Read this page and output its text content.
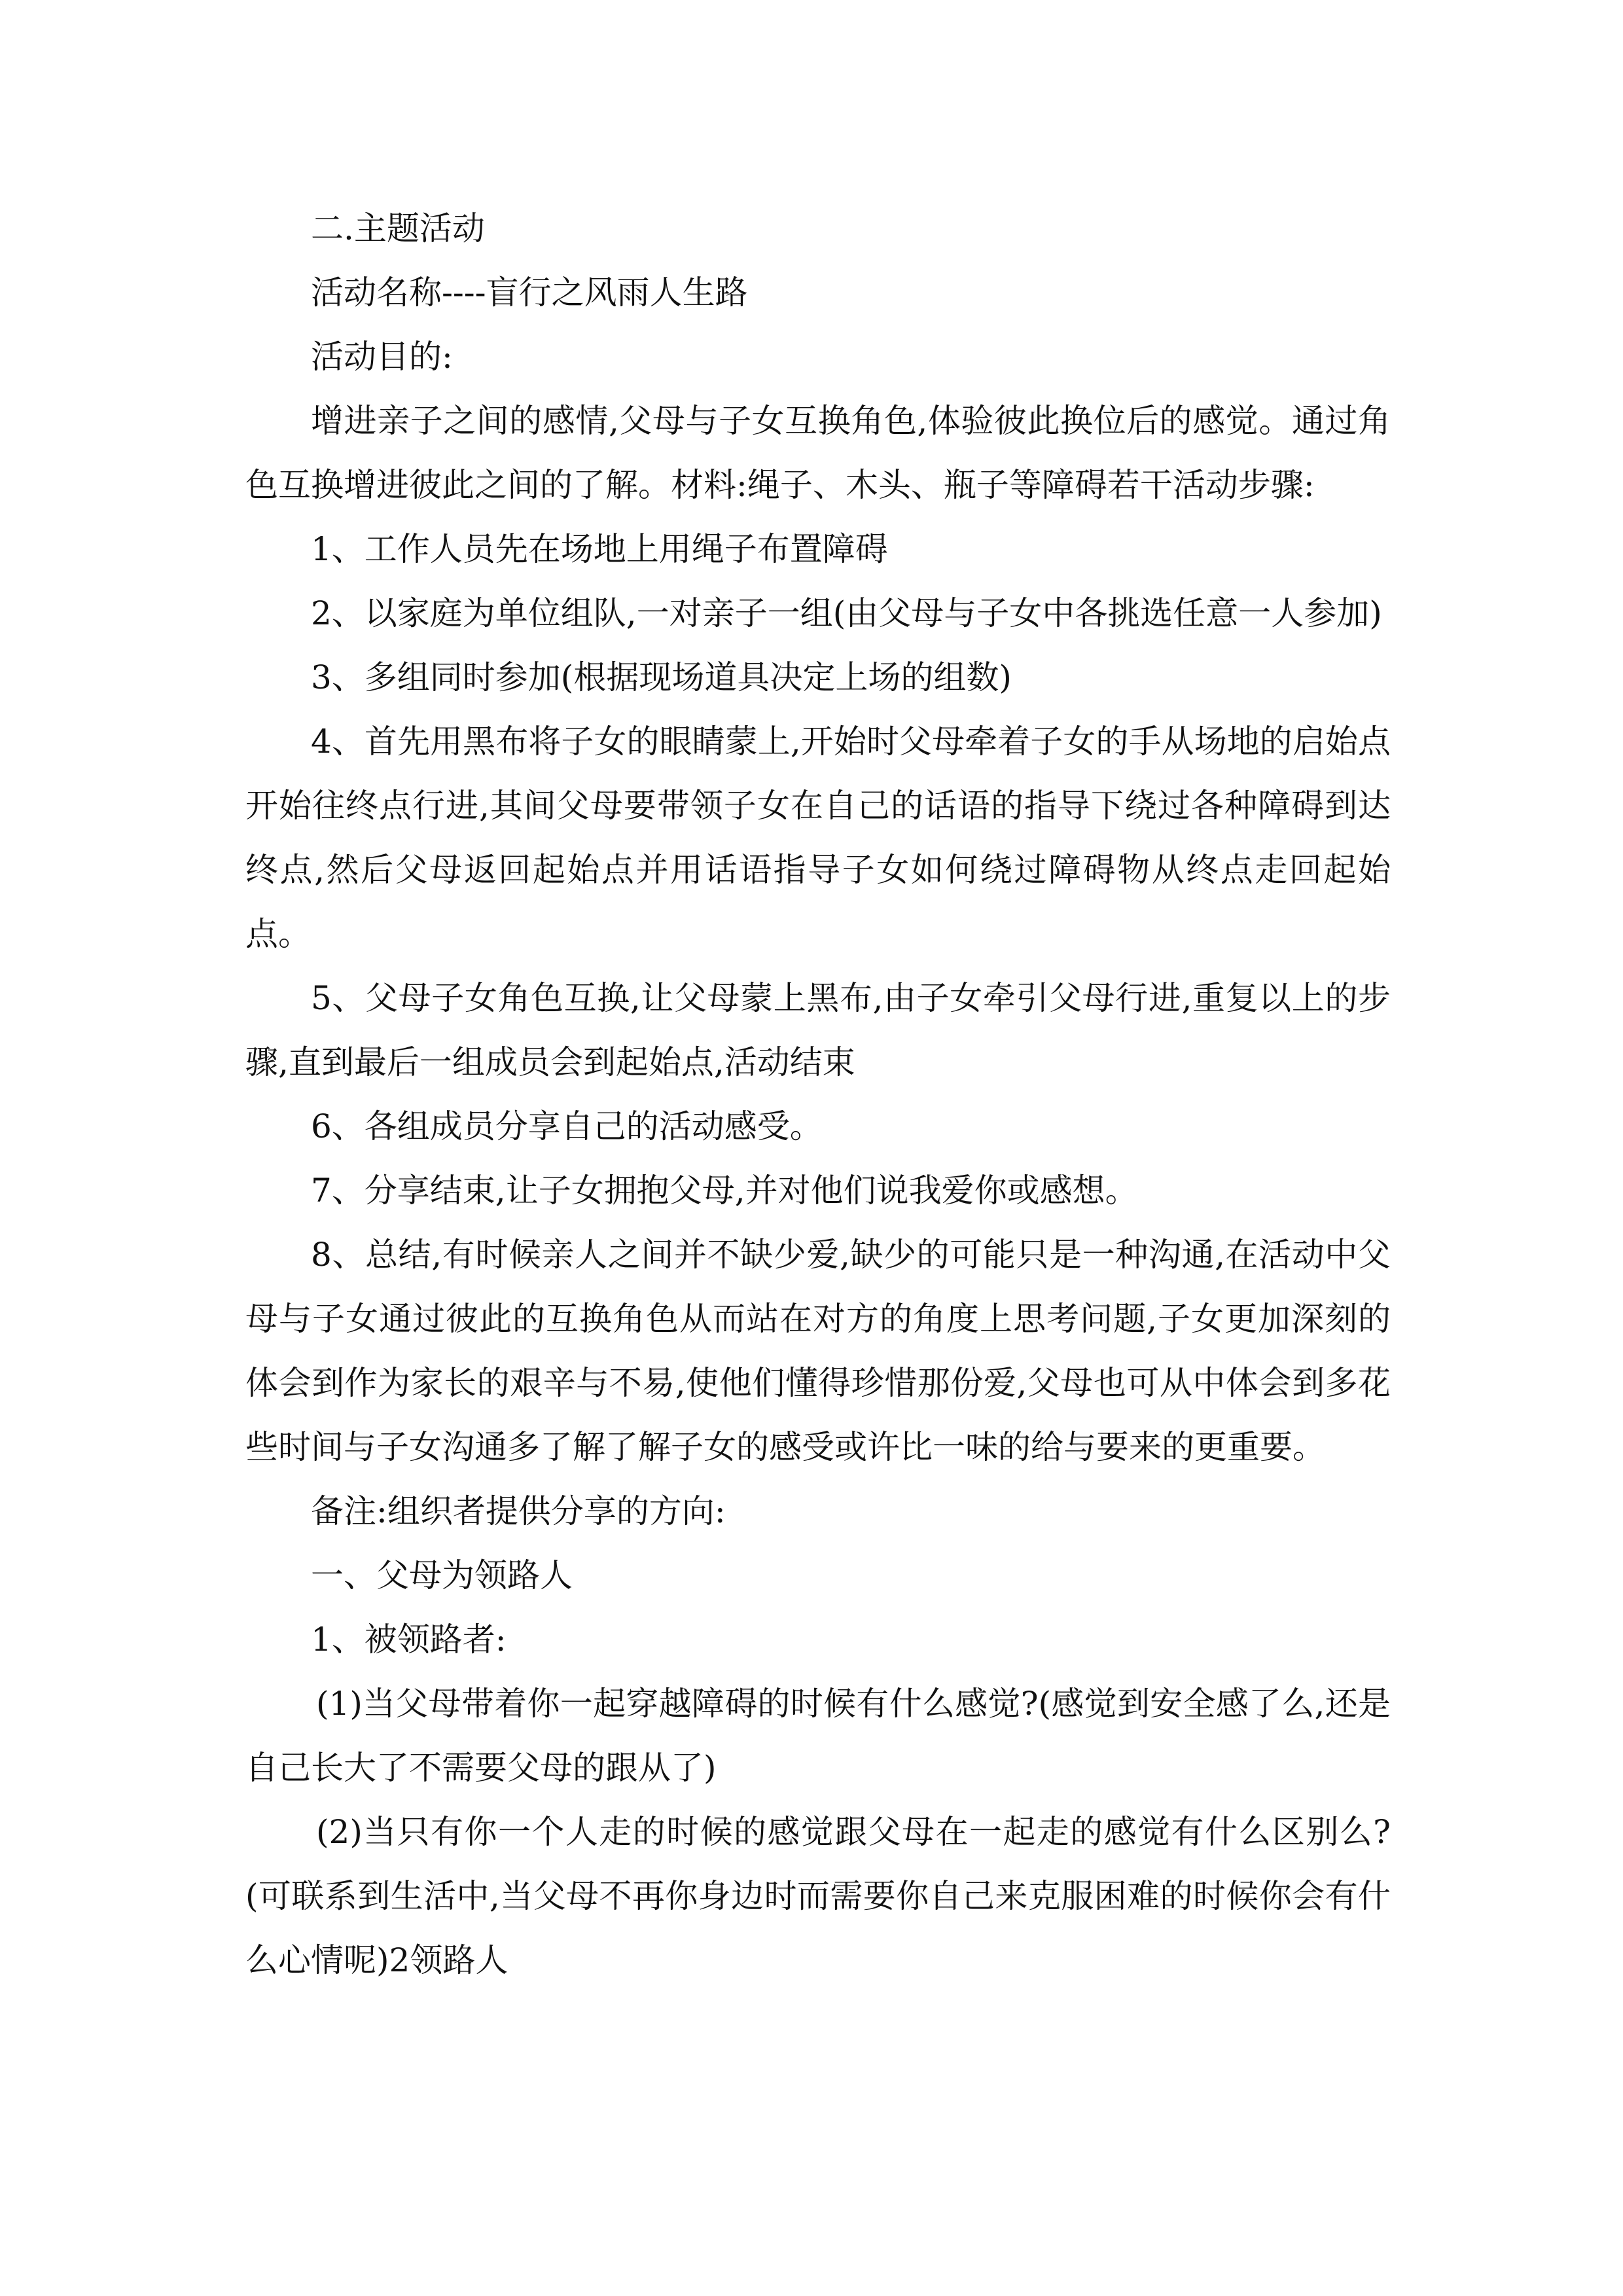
二.主题活动

活动名称----盲行之风雨人生路

活动目的:

增进亲子之间的感情,父母与子女互换角色,体验彼此换位后的感觉。通过角色互换增进彼此之间的了解。材料:绳子、木头、瓶子等障碍若干活动步骤:

1、工作人员先在场地上用绳子布置障碍

2、以家庭为单位组队,一对亲子一组(由父母与子女中各挑选任意一人参加)

3、多组同时参加(根据现场道具决定上场的组数)

4、首先用黑布将子女的眼睛蒙上,开始时父母牵着子女的手从场地的启始点开始往终点行进,其间父母要带领子女在自己的话语的指导下绕过各种障碍到达终点,然后父母返回起始点并用话语指导子女如何绕过障碍物从终点走回起始点。

5、父母子女角色互换,让父母蒙上黑布,由子女牵引父母行进,重复以上的步骤,直到最后一组成员会到起始点,活动结束

6、各组成员分享自己的活动感受。

7、分享结束,让子女拥抱父母,并对他们说我爱你或感想。

8、总结,有时候亲人之间并不缺少爱,缺少的可能只是一种沟通,在活动中父母与子女通过彼此的互换角色从而站在对方的角度上思考问题,子女更加深刻的体会到作为家长的艰辛与不易,使他们懂得珍惜那份爱,父母也可从中体会到多花些时间与子女沟通多了解了解子女的感受或许比一味的给与要来的更重要。

备注:组织者提供分享的方向:

一、父母为领路人

1、被领路者:

(1)当父母带着你一起穿越障碍的时候有什么感觉?(感觉到安全感了么,还是自己长大了不需要父母的跟从了)

(2)当只有你一个人走的时候的感觉跟父母在一起走的感觉有什么区别么?(可联系到生活中,当父母不再你身边时而需要你自己来克服困难的时候你会有什么心情呢)2领路人
